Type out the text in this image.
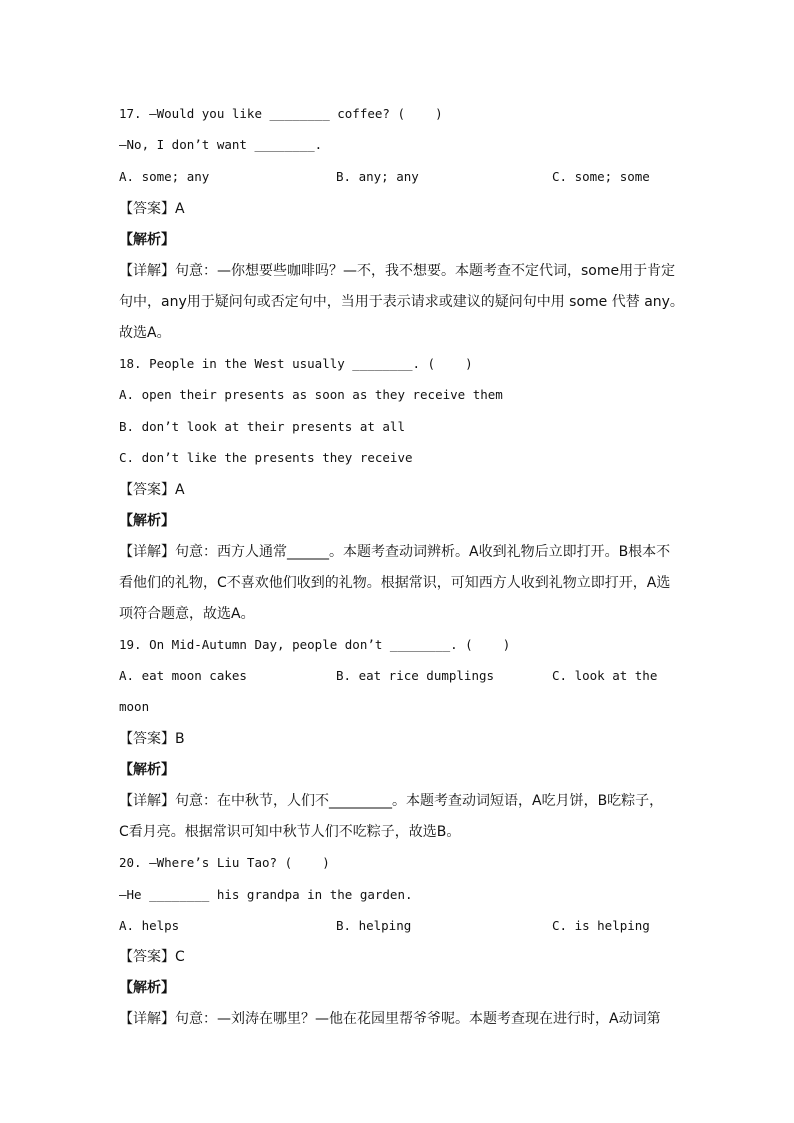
17. —Would you like ________ coffee? (    )
—No, I don’t want ________.
A. some; any	B. any; any	C. some; some
【答案】A
【解析】
【详解】句意：—你想要些咖啡吗？—不，我不想要。本题考查不定代词，some用于肯定
句中，any用于疑问句或否定句中，当用于表示请求或建议的疑问句中用 some 代替 any。
故选A。
18. People in the West usually ________. (    )
A. open their presents as soon as they receive them
B. don’t look at their presents at all
C. don’t like the presents they receive
【答案】A
【解析】
【详解】句意：西方人通常______。本题考查动词辨析。A收到礼物后立即打开。B根本不
看他们的礼物，C不喜欢他们收到的礼物。根据常识，可知西方人收到礼物立即打开，A选
项符合题意，故选A。
19. On Mid-Autumn Day, people don’t ________. (    )
A. eat moon cakes	B. eat rice dumplings	C. look at the
moon
【答案】B
【解析】
【详解】句意：在中秋节，人们不_________。本题考查动词短语，A吃月饼，B吃粽子，
C看月亮。根据常识可知中秋节人们不吃粽子，故选B。
20. —Where’s Liu Tao? (    )
—He ________ his grandpa in the garden.
A. helps	B. helping	C. is helping
【答案】C
【解析】
【详解】句意：—刘涛在哪里？—他在花园里帮爷爷呢。本题考查现在进行时，A动词第
